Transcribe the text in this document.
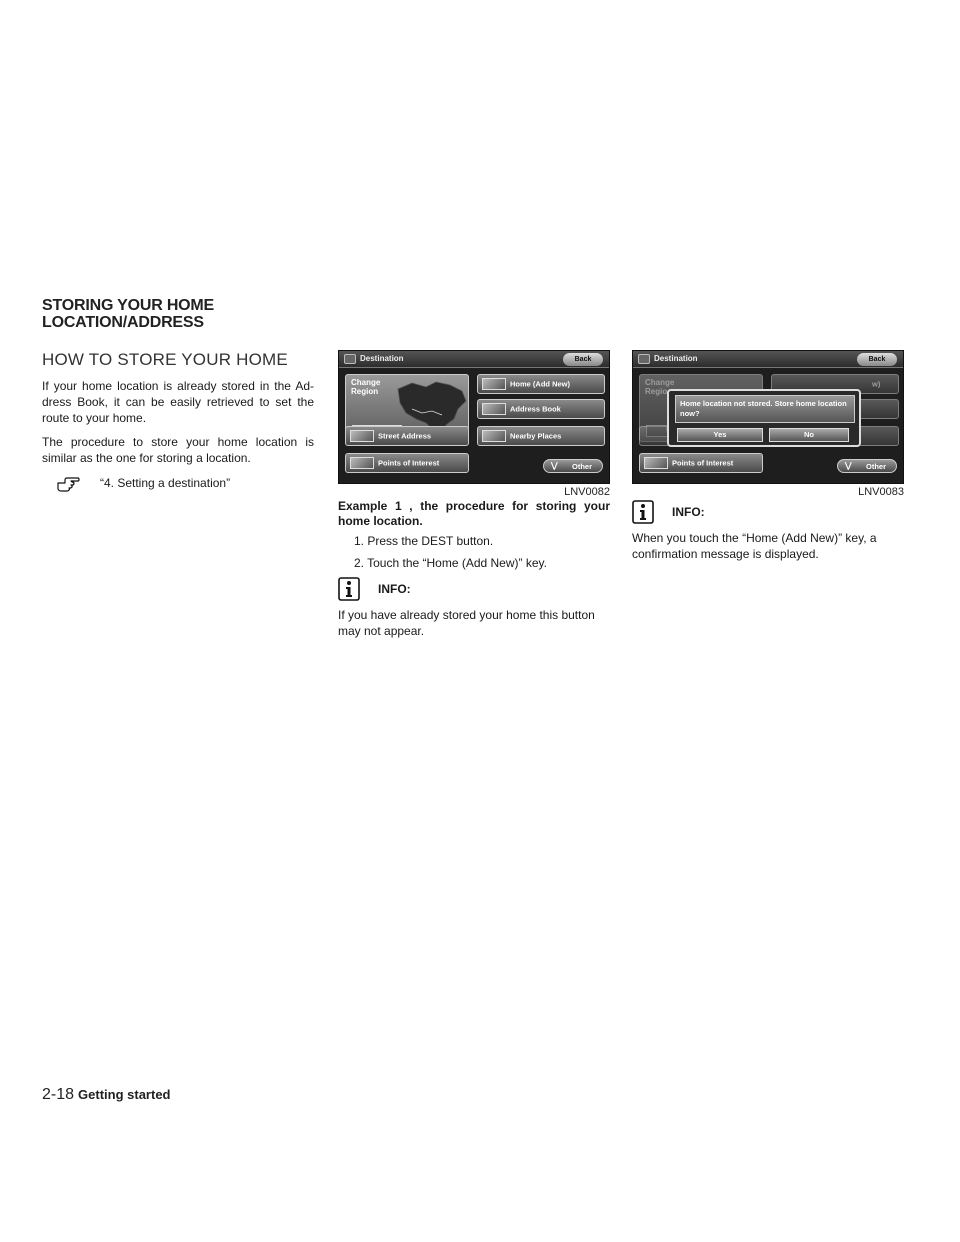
STORING YOUR HOME
LOCATION/ADDRESS
HOW TO STORE YOUR HOME

If your home location is already stored in the Ad- dress Book, it can be easily retrieved to set the route to your home.

The procedure to store your home location is similar as the one for storing a location.

“4. Setting a destination”
Destination	Back
Change
Region
Home (Add New)
Address Book
Street Address	Nearby Places
Points of Interest	⋁ Other
LNV0082
Example 1 , the procedure for storing your home location.
1. Press the DEST button.
2. Touch the “Home (Add New)” key.
INFO:

If you have already stored your home this button may not appear.

Destination	Back
Change
Regio
w)
Points of Interest	⋁ Other
Home location not stored. Store home location now?
Yes	No
LNV0083
INFO:

When you touch the “Home (Add New)” key, a confirmation message is displayed.

2-18 Getting started
